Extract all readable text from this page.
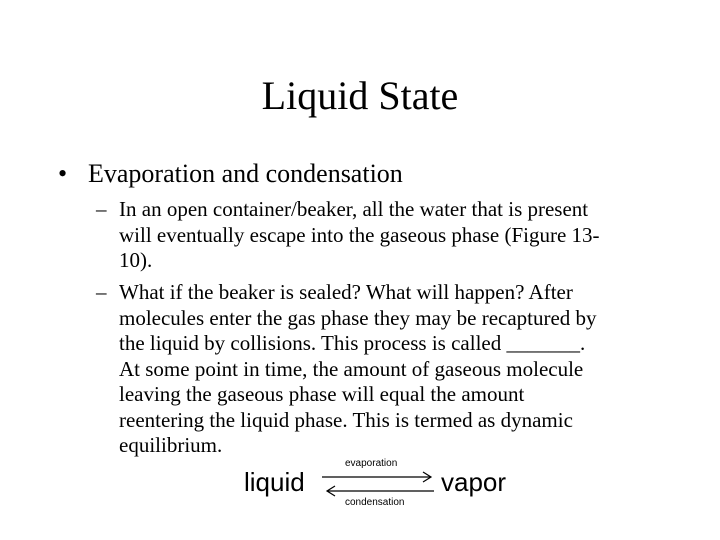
Liquid State
• Evaporation and condensation
– In an open container/beaker, all the water that is present
will eventually escape into the gaseous phase (Figure 13-
10).
– What if the beaker is sealed? What will happen? After
molecules enter the gas phase they may be recaptured by
the liquid by collisions. This process is called _______.
At some point in time, the amount of gaseous molecule
leaving the gaseous phase will equal the amount
reentering the liquid phase. This is termed as dynamic
equilibrium.
liquid
evaporation
condensation
vapor
